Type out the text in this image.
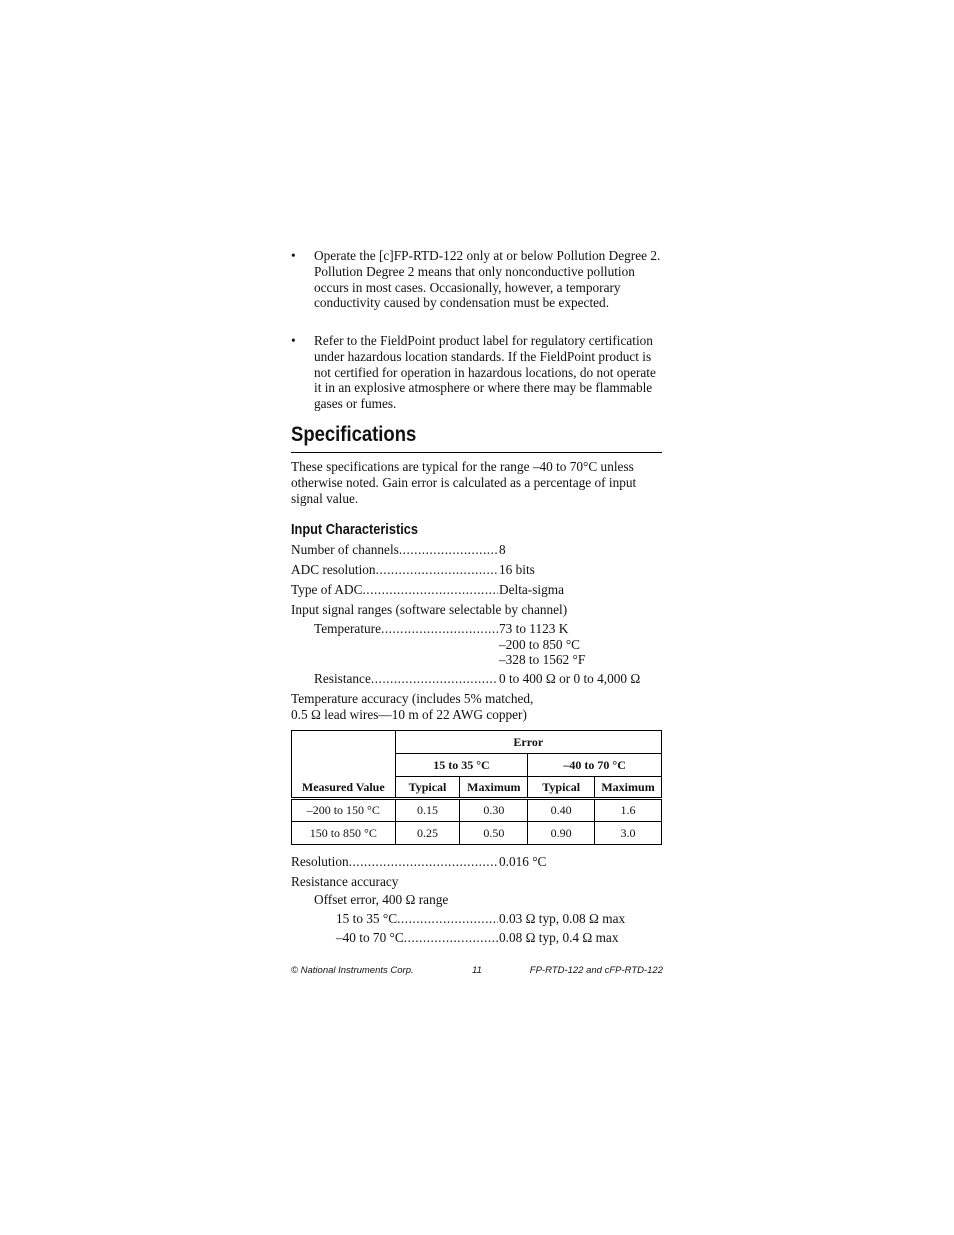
• Operate the [c]FP-RTD-122 only at or below Pollution Degree 2. Pollution Degree 2 means that only nonconductive pollution occurs in most cases. Occasionally, however, a temporary conductivity caused by condensation must be expected.
• Refer to the FieldPoint product label for regulatory certification under hazardous location standards. If the FieldPoint product is not certified for operation in hazardous locations, do not operate it in an explosive atmosphere or where there may be flammable gases or fumes.
Specifications
These specifications are typical for the range –40 to 70°C unless otherwise noted. Gain error is calculated as a percentage of input signal value.
Input Characteristics
Number of channels .....	8
ADC resolution .....	16 bits
Type of ADC .....	Delta-sigma
Input signal ranges (software selectable by channel)
Temperature .....	73 to 1123 K
–200 to 850 °C
–328 to 1562 °F
Resistance .....	0 to 400 Ω or 0 to 4,000 Ω
Temperature accuracy (includes 5% matched,
0.5 Ω lead wires—10 m of 22 AWG copper)
Measured Value	Error			
	15 to 35 °C		–40 to 70 °C	
	Typical	Maximum	Typical	Maximum
–200 to 150 °C	0.15	0.30	0.40	1.6
150 to 850 °C	0.25	0.50	0.90	3.0
Resolution .....	0.016 °C
Resistance accuracy
Offset error, 400 Ω range
15 to 35 °C .....	0.03 Ω typ, 0.08 Ω max
–40 to 70 °C .....	0.08 Ω typ, 0.4 Ω max
© National Instruments Corp.	11	FP-RTD-122 and cFP-RTD-122
